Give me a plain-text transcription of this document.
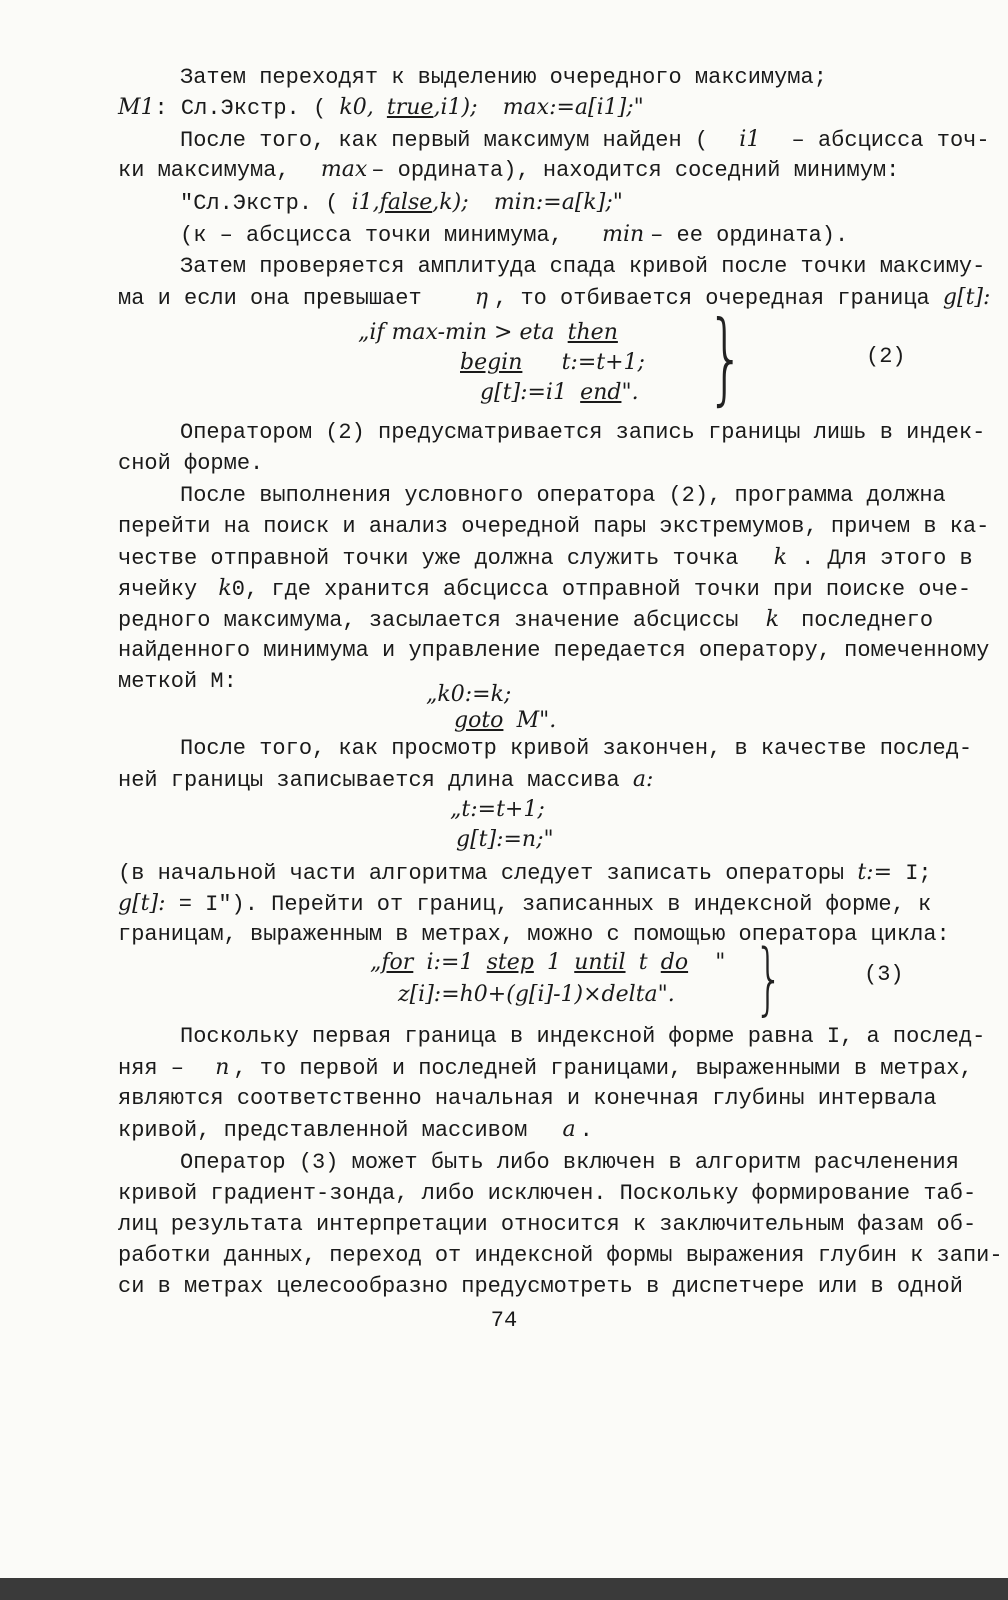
Затем переходят к выделению очередного максимума;
М1: Сл.Экстр. ( k0, true,i1); max:=a[i1];"
После того, как первый максимум найден ( i1 – абсцисса точ-
ки максимума, max – ордината), находится соседний минимум:
"Сл.Экстр. ( i1,false,k); min:=a[k];"
(к – абсцисса точки минимума, min – ее ордината).
Затем проверяется амплитуда спада кривой после точки максиму-
ма и если она превышает η , то отбивается очередная граница g[t]:
„if max-min > eta then
begin t:=t+1;
g[t]:=i1 end". }	(2)
Оператором (2) предусматривается запись границы лишь в индек-
сной форме.
После выполнения условного оператора (2), программа должна
перейти на поиск и анализ очередной пары экстремумов, причем в ка-
честве отправной точки уже должна служить точка k . Для этого в
ячейку k0, где хранится абсцисса отправной точки при поиске оче-
редного максимума, засылается значение абсциссы k последнего
найденного минимума и управление передается оператору, помеченному
меткой М:
„k0:=k;
goto M".
После того, как просмотр кривой закончен, в качестве послед-
ней границы записывается длина массива a:
„t:=t+1;
g[t]:=n;"
(в начальной части алгоритма следует записать операторы t:= I;
g[t]: = I"). Перейти от границ, записанных в индексной форме, к
границам, выраженным в метрах, можно с помощью оператора цикла:
„for i:=1 step 1 until t do "
z[i]:=h0+(g[i]-1)×delta". }	(3)
Поскольку первая граница в индексной форме равна I, а послед-
няя – n , то первой и последней границами, выраженными в метрах,
являются соответственно начальная и конечная глубины интервала
кривой, представленной массивом a .
Оператор (3) может быть либо включен в алгоритм расчленения
кривой градиент-зонда, либо исключен. Поскольку формирование таб-
лиц результата интерпретации относится к заключительным фазам об-
работки данных, переход от индексной формы выражения глубин к запи-
си в метрах целесообразно предусмотреть в диспетчере или в одной
74
